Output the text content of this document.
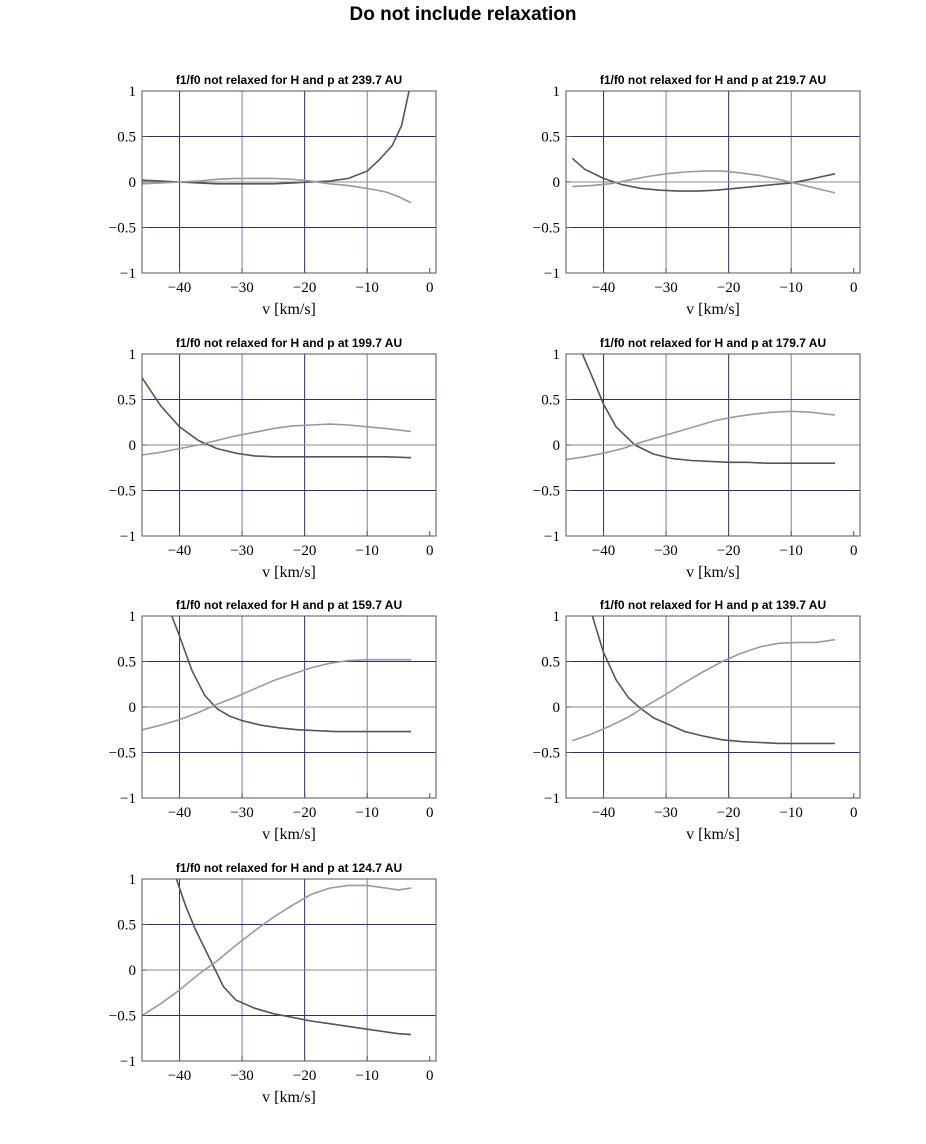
Do not include relaxation
−1
−0.5
0
0.5
1
−40	−30	−20	−10	0
f1/f0 not relaxed for H and p at 239.7 AU
v [km/s]
−1
−0.5
0
0.5
1
−40	−30	−20	−10	0
f1/f0 not relaxed for H and p at 219.7 AU
v [km/s]
−1
−0.5
0
0.5
1
−40	−30	−20	−10	0
f1/f0 not relaxed for H and p at 199.7 AU
v [km/s]
−1
−0.5
0
0.5
1
−40	−30	−20	−10	0
f1/f0 not relaxed for H and p at 179.7 AU
v [km/s]
−1
−0.5
0
0.5
1
−40	−30	−20	−10	0
f1/f0 not relaxed for H and p at 159.7 AU
v [km/s]
−1
−0.5
0
0.5
1
−40	−30	−20	−10	0
f1/f0 not relaxed for H and p at 139.7 AU
v [km/s]
−1
−0.5
0
0.5
1
−40	−30	−20	−10	0
f1/f0 not relaxed for H and p at 124.7 AU
v [km/s]
